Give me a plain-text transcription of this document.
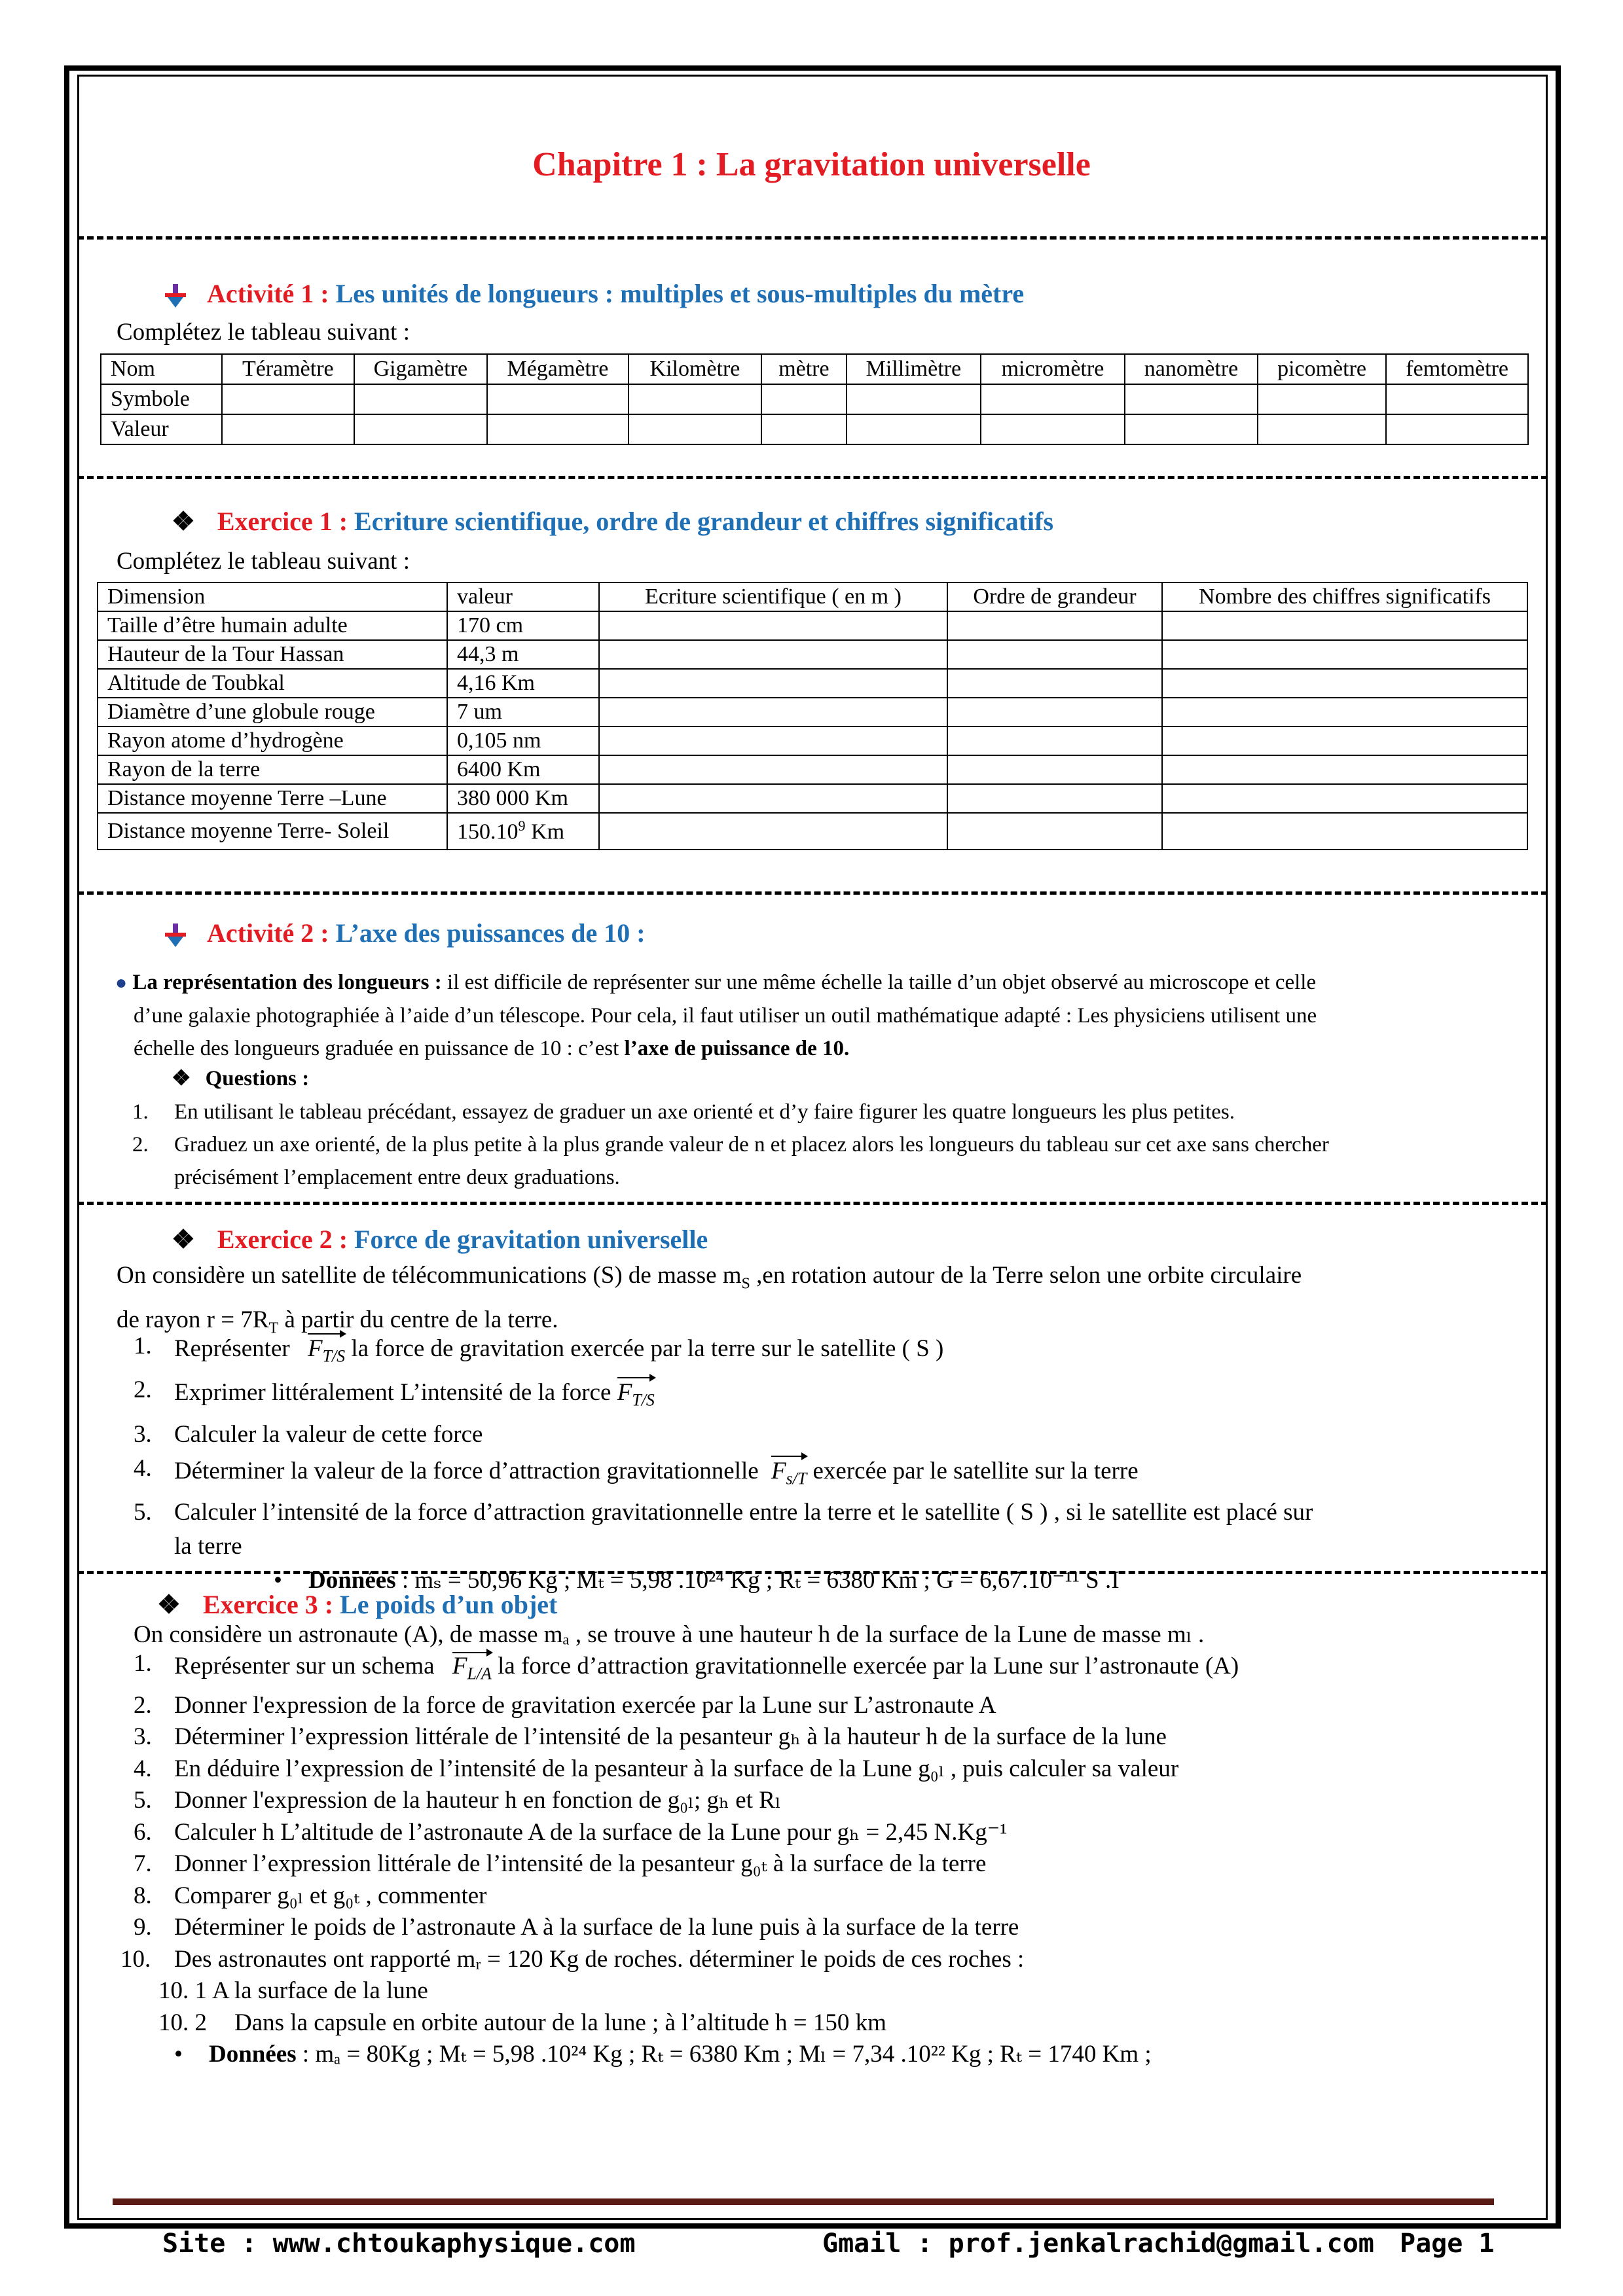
Chapitre 1 : La gravitation universelle
Activité 1 : Les unités de longueurs : multiples et sous-multiples du mètre
Complétez le tableau suivant :
Nom	Téramètre	Gigamètre	Mégamètre	Kilomètre	mètre	Millimètre	micromètre	nanomètre	picomètre	femtomètre
Symbole										
Valeur										
❖ Exercice 1 : Ecriture scientifique, ordre de grandeur et chiffres significatifs
Complétez le tableau suivant :
Dimension	valeur	Ecriture scientifique ( en m )	Ordre de grandeur	Nombre des chiffres significatifs
Taille d’être humain adulte	170 cm			
Hauteur de la Tour Hassan	44,3 m			
Altitude de Toubkal	4,16 Km			
Diamètre d’une globule rouge	7 um			
Rayon atome d’hydrogène	0,105 nm			
Rayon de la terre	6400 Km			
Distance moyenne Terre –Lune	380 000 Km			
Distance moyenne Terre- Soleil	150.10$^9$ Km			
Activité 2 : L’axe des puissances de 10 :
● La représentation des longueurs : il est difficile de représenter sur une même échelle la taille d’un objet observé au microscope et celle
d’une galaxie photographiée à l’aide d’un télescope. Pour cela, il faut utiliser un outil mathématique adapté : Les physiciens utilisent une
échelle des longueurs graduée en puissance de 10 : c’est l’axe de puissance de 10.
❖ Questions :
1. En utilisant le tableau précédant, essayez de graduer un axe orienté et d’y faire figurer les quatre longueurs les plus petites.
2. Graduez un axe orienté, de la plus petite à la plus grande valeur de n et placez alors les longueurs du tableau sur cet axe sans chercher
précisément l’emplacement entre deux graduations.
❖ Exercice 2 : Force de gravitation universelle
On considère un satellite de télécommunications (S) de masse $m_S$ ,en rotation autour de la Terre selon une orbite circulaire
de rayon $r = 7R_T$ à partir du centre de la terre.
1. Représenter $F_{T/S}$ la force de gravitation exercée par la terre sur le satellite ( S )
2. Exprimer littéralement L’intensité de la force $F_{T/S}$
3. Calculer la valeur de cette force
4. Déterminer la valeur de la force d’attraction gravitationnelle $F_{s/T}$ exercée par le satellite sur la terre
5. Calculer l’intensité de la force d’attraction gravitationnelle entre la terre et le satellite ( S ) , si le satellite est placé sur
la terre
• Données : mₛ = 50,96 Kg ; Mₜ = 5,98 .10²⁴ Kg ; Rₜ = 6380 Km ; G = 6,67.10⁻¹¹ S .I
❖ Exercice 3 : Le poids d’un objet
On considère un astronaute (A), de masse mₐ , se trouve à une hauteur h de la surface de la Lune de masse mₗ .
1. Représenter sur un schema $F_{L/A}$ la force d’attraction gravitationnelle exercée par la Lune sur l’astronaute (A)
2. Donner l'expression de la force de gravitation exercée par la Lune sur L’astronaute A
3. Déterminer l’expression littérale de l’intensité de la pesanteur gₕ à la hauteur h de la surface de la lune
4. En déduire l’expression de l’intensité de la pesanteur à la surface de la Lune g₀ₗ , puis calculer sa valeur
5. Donner l'expression de la hauteur h en fonction de g₀ₗ; gₕ et Rₗ
6. Calculer h L’altitude de l’astronaute A de la surface de la Lune pour gₕ = 2,45 N.Kg⁻¹
7. Donner l’expression littérale de l’intensité de la pesanteur g₀ₜ à la surface de la terre
8. Comparer g₀ₗ et g₀ₜ , commenter
9. Déterminer le poids de l’astronaute A à la surface de la lune puis à la surface de la terre
10. Des astronautes ont rapporté mᵣ = 120 Kg de roches. déterminer le poids de ces roches :
10. 1 A la surface de la lune
10. 2 Dans la capsule en orbite autour de la lune ; à l’altitude h = 150 km
• Données : mₐ = 80Kg ; Mₜ = 5,98 .10²⁴ Kg ; Rₜ = 6380 Km ; Mₗ = 7,34 .10²² Kg ; Rₜ = 1740 Km ;
Site : www.chtoukaphysique.com	Gmail : prof.jenkalrachid@gmail.com Page 1
